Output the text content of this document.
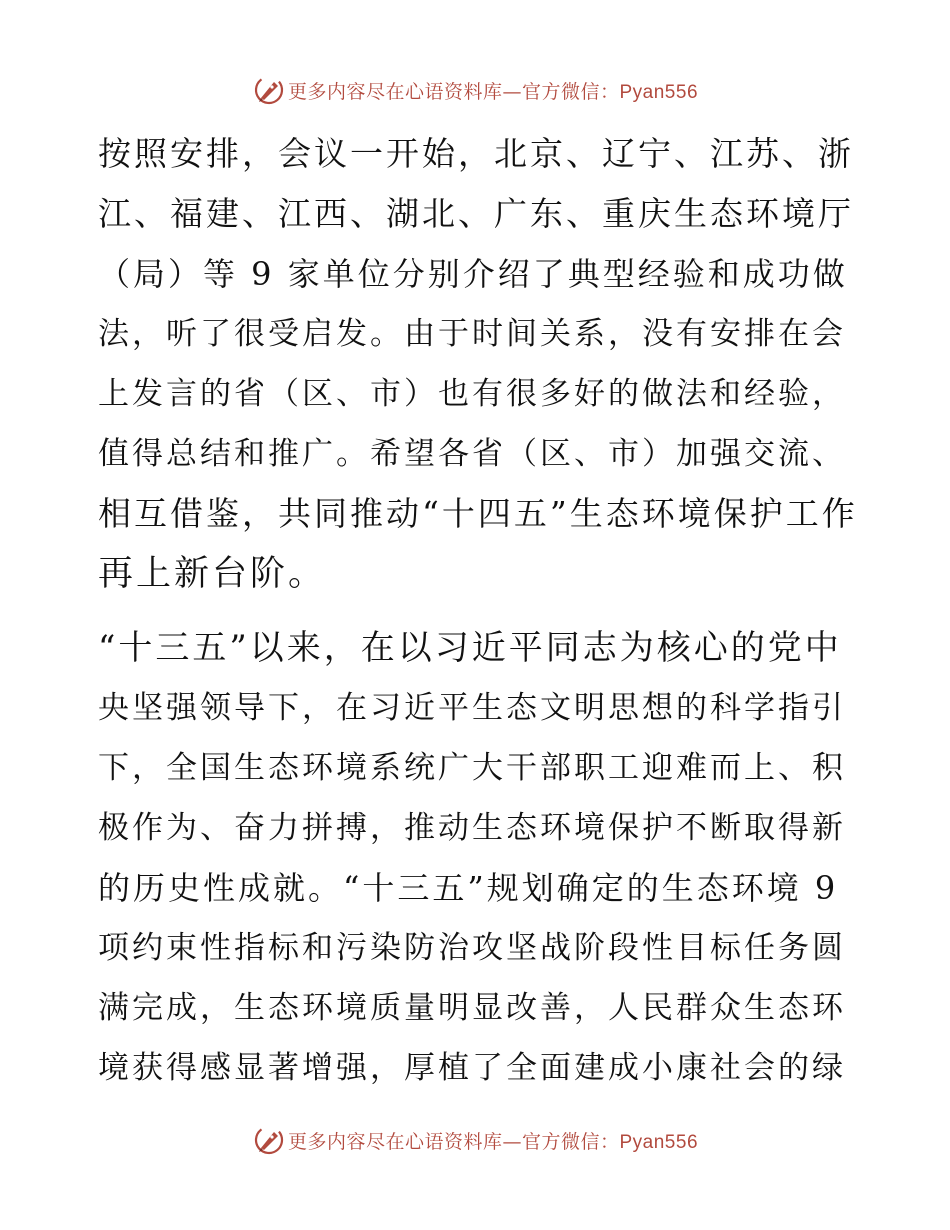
更多内容尽在心语资料库—官方微信：Pyan556
按照安排，会议一开始，北京、辽宁、江苏、浙
江、福建、江西、湖北、广东、重庆生态环境厅
（局）等 9 家单位分别介绍了典型经验和成功做
法，听了很受启发。由于时间关系，没有安排在会
上发言的省（区、市）也有很多好的做法和经验，
值得总结和推广。希望各省（区、市）加强交流、
相互借鉴，共同推动“十四五”生态环境保护工作
再上新台阶。
“十三五”以来，在以习近平同志为核心的党中
央坚强领导下，在习近平生态文明思想的科学指引
下，全国生态环境系统广大干部职工迎难而上、积
极作为、奋力拼搏，推动生态环境保护不断取得新
的历史性成就。“十三五”规划确定的生态环境 9
项约束性指标和污染防治攻坚战阶段性目标任务圆
满完成，生态环境质量明显改善，人民群众生态环
境获得感显著增强，厚植了全面建成小康社会的绿
更多内容尽在心语资料库—官方微信：Pyan556
